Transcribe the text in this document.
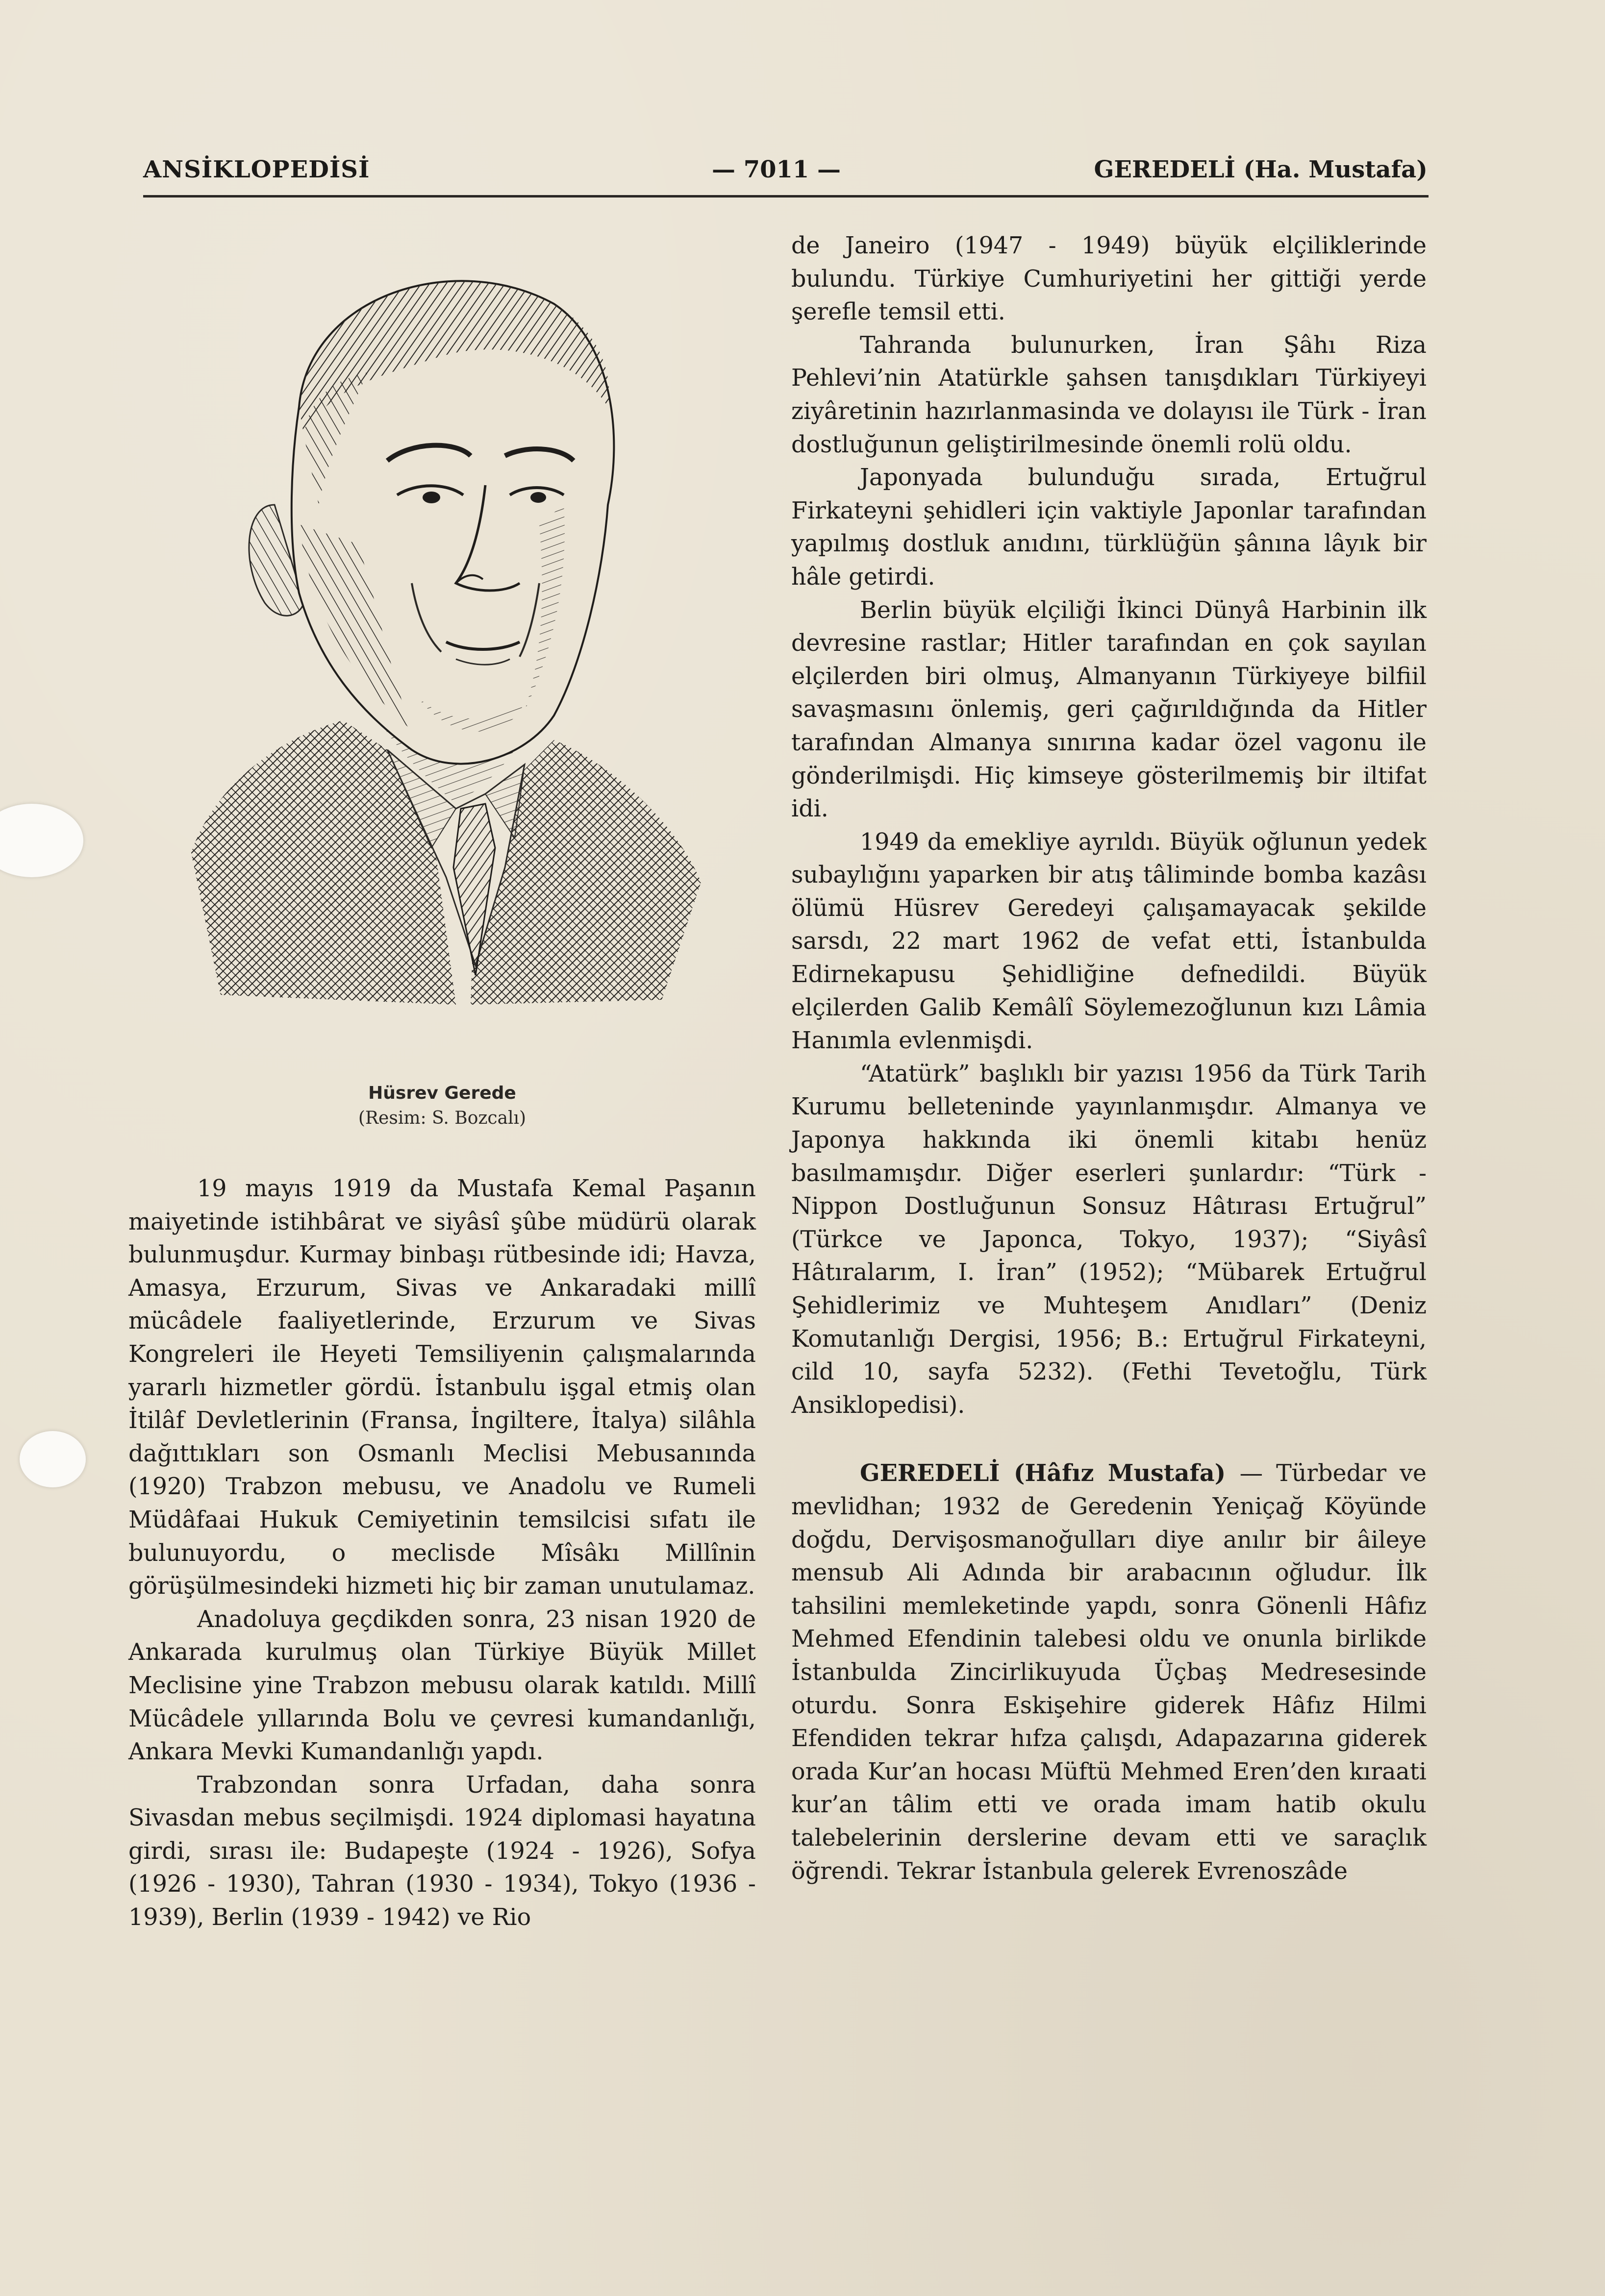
ANSİKLOPEDİSİ	— 7011 —	GEREDELİ (Ha. Mustafa)
Hüsrev Gerede
(Resim: S. Bozcalı)

19 mayıs 1919 da Mustafa Kemal Paşanın maiyetinde istihbârat ve siyâsî şûbe müdürü olarak bulunmuşdur. Kurmay binbaşı rütbesinde idi; Havza, Amasya, Erzurum, Sivas ve Ankaradaki millî mücâdele faaliyetlerinde, Erzurum ve Sivas Kongreleri ile Heyeti Temsiliyenin çalışmalarında yararlı hizmetler gördü. İstanbulu işgal etmiş olan İtilâf Devletlerinin (Fransa, İngiltere, İtalya) silâhla dağıttıkları son Osmanlı Meclisi Mebusanında (1920) Trabzon mebusu, ve Anadolu ve Rumeli Müdâfaai Hukuk Cemiyetinin temsilcisi sıfatı ile bulunuyordu, o meclisde Mîsâkı Millînin görüşülmesindeki hizmeti hiç bir zaman unutulamaz.

Anadoluya geçdikden sonra, 23 nisan 1920 de Ankarada kurulmuş olan Türkiye Büyük Millet Meclisine yine Trabzon mebusu olarak katıldı. Millî Mücâdele yıllarında Bolu ve çevresi kumandanlığı, Ankara Mevki Kumandanlığı yapdı.

Trabzondan sonra Urfadan, daha sonra Sivasdan mebus seçilmişdi. 1924 diplomasi hayatına girdi, sırası ile: Budapeşte (1924 - 1926), Sofya (1926 - 1930), Tahran (1930 - 1934), Tokyo (1936 - 1939), Berlin (1939 - 1942) ve Rio

de Janeiro (1947 - 1949) büyük elçiliklerinde bulundu. Türkiye Cumhuriyetini her gittiği yerde şerefle temsil etti.

Tahranda bulunurken, İran Şâhı Riza Pehlevi’nin Atatürkle şahsen tanışdıkları Türkiyeyi ziyâretinin hazırlanmasinda ve dolayısı ile Türk - İran dostluğunun geliştirilmesinde önemli rolü oldu.

Japonyada bulunduğu sırada, Ertuğrul Firkateyni şehidleri için vaktiyle Japonlar tarafından yapılmış dostluk anıdını, türklüğün şânına lâyık bir hâle getirdi.

Berlin büyük elçiliği İkinci Dünyâ Harbinin ilk devresine rastlar; Hitler tarafından en çok sayılan elçilerden biri olmuş, Almanyanın Türkiyeye bilfiil savaşmasını önlemiş, geri çağırıldığında da Hitler tarafından Almanya sınırına kadar özel vagonu ile gönderilmişdi. Hiç kimseye gösterilmemiş bir iltifat idi.

1949 da emekliye ayrıldı. Büyük oğlunun yedek subaylığını yaparken bir atış tâliminde bomba kazâsı ölümü Hüsrev Geredeyi çalışamayacak şekilde sarsdı, 22 mart 1962 de vefat etti, İstanbulda Edirnekapusu Şehidliğine defnedildi. Büyük elçilerden Galib Kemâlî Söylemezoğlunun kızı Lâmia Hanımla evlenmişdi.

“Atatürk” başlıklı bir yazısı 1956 da Türk Tarih Kurumu belleteninde yayınlanmışdır. Almanya ve Japonya hakkında iki önemli kitabı henüz basılmamışdır. Diğer eserleri şunlardır: “Türk - Nippon Dostluğunun Sonsuz Hâtırası Ertuğrul” (Türkce ve Japonca, Tokyo, 1937); “Siyâsî Hâtıralarım, I. İran” (1952); “Mübarek Ertuğrul Şehidlerimiz ve Muhteşem Anıdları” (Deniz Komutanlığı Dergisi, 1956; B.: Ertuğrul Firkateyni, cild 10, sayfa 5232). (Fethi Tevetoğlu, Türk Ansiklopedisi).

GEREDELİ (Hâfız Mustafa) — Türbedar ve mevlidhan; 1932 de Geredenin Yeniçağ Köyünde doğdu, Dervişosmanoğulları diye anılır bir âileye mensub Ali Adında bir arabacının oğludur. İlk tahsilini memleketinde yapdı, sonra Gönenli Hâfız Mehmed Efendinin talebesi oldu ve onunla birlikde İstanbulda Zincirlikuyuda Üçbaş Medresesinde oturdu. Sonra Eskişehire giderek Hâfız Hilmi Efendiden tekrar hıfza çalışdı, Adapazarına giderek orada Kur’an hocası Müftü Mehmed Eren’den kıraati kur’an tâlim etti ve orada imam hatib okulu talebelerinin derslerine devam etti ve saraçlık öğrendi. Tekrar İstanbula gelerek Evrenoszâde
